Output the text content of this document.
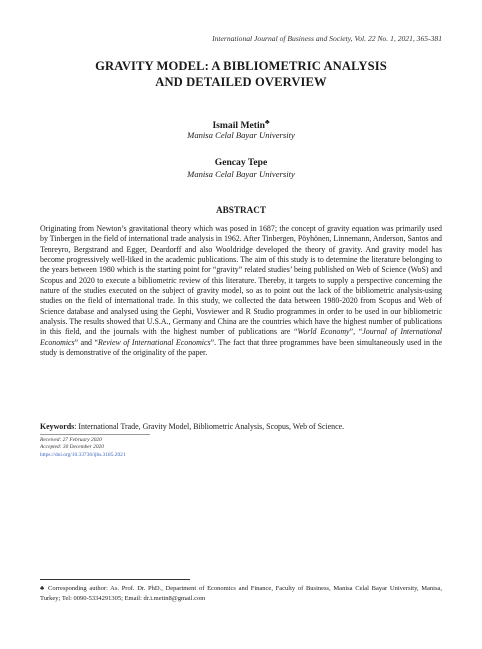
International Journal of Business and Society, Vol. 22 No. 1, 2021, 365-381
GRAVITY MODEL: A BIBLIOMETRIC ANALYSIS
AND DETAILED OVERVIEW
Ismail Metin♣
Manisa Celal Bayar University
Gencay Tepe
Manisa Celal Bayar University
ABSTRACT
Originating from Newton’s gravitational theory which was posed in 1687; the concept of gravity equation was primarily used by Tinbergen in the field of international trade analysis in 1962. After Tinbergen, Pöyhönen, Linnemann, Anderson, Santos and Tenreyro, Bergstrand and Egger, Deardorff and also Wooldridge developed the theory of gravity. And gravity model has become progressively well-liked in the academic publications. The aim of this study is to determine the literature belonging to the years between 1980 which is the starting point for “gravity” related studies’ being published on Web of Science (WoS) and Scopus and 2020 to execute a bibliometric review of this literature. Thereby, it targets to supply a perspective concerning the nature of the studies executed on the subject of gravity model, so as to point out the lack of the bibliometric analysis-using studies on the field of international trade. In this study, we collected the data between 1980-2020 from Scopus and Web of Science database and analysed using the Gephi, Vosviewer and R Studio programmes in order to be used in our bibliometric analysis. The results showed that U.S.A., Germany and China are the countries which have the highest number of publications in this field, and the journals with the highest number of publications are “World Economy”, “Journal of International Economics” and “Review of International Economics”. The fact that three programmes have been simultaneously used in the study is demonstrative of the originality of the paper.
Keywords: International Trade, Gravity Model, Bibliometric Analysis, Scopus, Web of Science.
Received: 27 February 2020
Accepted: 30 December 2020
https://doi.org/10.33736/ijbs.3185.2021
♣ Corresponding author: As. Prof. Dr. PhD., Department of Economics and Finance, Faculty of Business, Manisa Celal Bayar University, Manisa, Turkey; Tel: 0090-5334291305; Email: dr.i.metin8@gmail.com
